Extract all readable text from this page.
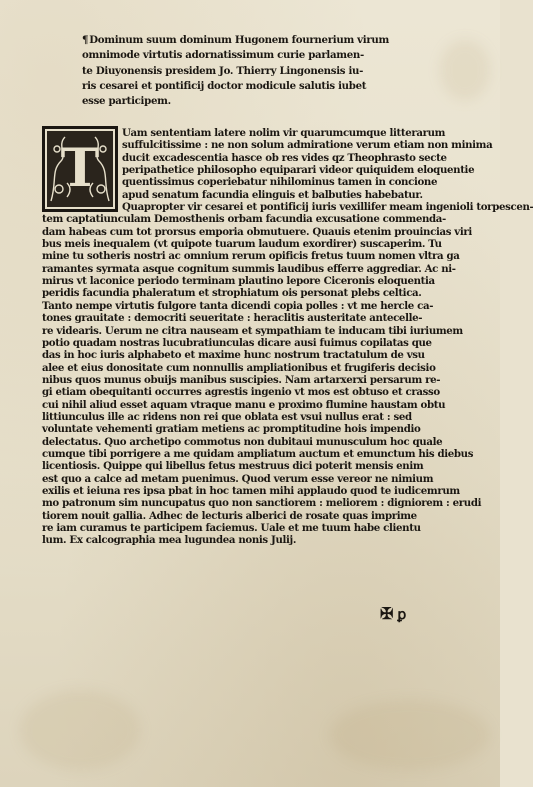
¶Dominum suum dominum Hugonem fournerium virum
omnimode virtutis adornatissimum curie parlamen-
te Diuyonensis presidem Jo. Thierry Lingonensis iu-
ris cesarei et pontificij doctor modicule salutis iubet
esse participem.
T
Uam sententiam latere nolim vir quarumcumque litterarum
suffulcitissime : ne non solum admiratione verum etiam non minima
ducit excadescentia hasce ob res vides qz Theophrasto secte
peripathetice philosopho equiparari videor quiquidem eloquentie
quentissimus coperiebatur nihilominus tamen in concione
apud senatum facundia elinguis et balbuties habebatur.
Quapropter vir cesarei et pontificij iuris vexillifer meam ingenioli torpescen-
tem captatiunculam Demosthenis orbam facundia excusatione commenda-
dam habeas cum tot prorsus emporia obmutuere. Quauis etenim prouincias viri
bus meis inequalem (vt quipote tuarum laudum exordirer) suscaperim. Tu
mine tu sotheris nostri ac omnium rerum opificis fretus tuum nomen vltra ga
ramantes syrmata asque cognitum summis laudibus efferre aggrediar. Ac ni-
mirus vt laconice periodo terminam plautino lepore Ciceronis eloquentia
peridis facundia phaleratum et strophiatum ois personat plebs celtica.
Tanto nempe virtutis fulgore tanta dicendi copia polles : vt me hercle ca-
tones grauitate : democriti seueritate : heraclitis austeritate antecelle-
re videaris. Uerum ne citra nauseam et sympathiam te inducam tibi iuriumem
potio quadam nostras lucubratiunculas dicare ausi fuimus copilatas que
das in hoc iuris alphabeto et maxime hunc nostrum tractatulum de vsu
alee et eius donositate cum nonnullis ampliationibus et frugiferis decisio
nibus quos munus obuijs manibus suscipies. Nam artarxerxi persarum re-
gi etiam obequitanti occurres agrestis ingenio vt mos est obtuso et crasso
cui nihil aliud esset aquam vtraque manu e proximo flumine haustam obtu
littiunculus ille ac ridens non rei que oblata est vsui nullus erat : sed
voluntate vehementi gratiam metiens ac promptitudine hois impendio
delectatus. Quo archetipo commotus non dubitaui munusculum hoc quale
cumque tibi porrigere a me quidam ampliatum auctum et emunctum his diebus
licentiosis. Quippe qui libellus fetus mestruus dici poterit mensis enim
est quo a calce ad metam puenimus. Quod verum esse vereor ne nimium
exilis et ieiuna res ipsa pbat in hoc tamen mihi applaudo quod te iudicemrum
mo patronum sim nuncupatus quo non sanctiorem : meliorem : digniorem : erudi
tiorem nouit gallia. Adhec de lecturis alberici de rosate quas imprime
re iam curamus te participem faciemus. Uale et me tuum habe clientu
lum. Ex calcographia mea lugundea nonis Julij.
✠ ꝑ
